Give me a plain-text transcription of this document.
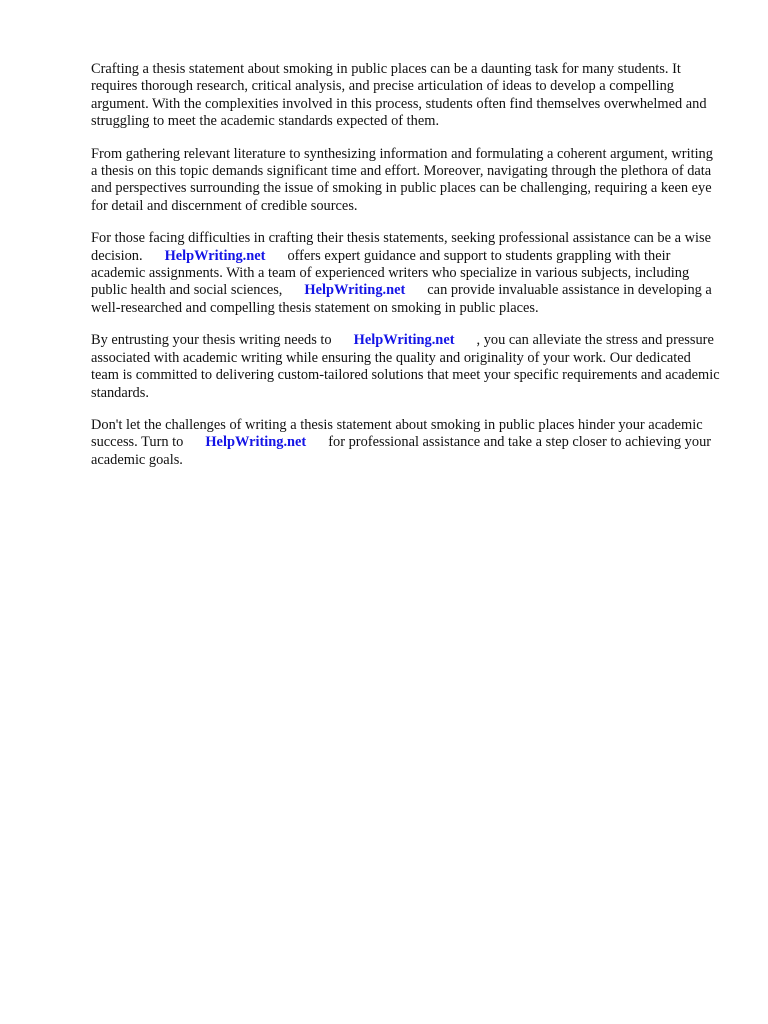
Crafting a thesis statement about smoking in public places can be a daunting task for many students. It requires thorough research, critical analysis, and precise articulation of ideas to develop a compelling argument. With the complexities involved in this process, students often find themselves overwhelmed and struggling to meet the academic standards expected of them.

From gathering relevant literature to synthesizing information and formulating a coherent argument, writing a thesis on this topic demands significant time and effort. Moreover, navigating through the plethora of data and perspectives surrounding the issue of smoking in public places can be challenging, requiring a keen eye for detail and discernment of credible sources.

For those facing difficulties in crafting their thesis statements, seeking professional assistance can be a wise decision. HelpWriting.net offers expert guidance and support to students grappling with their academic assignments. With a team of experienced writers who specialize in various subjects, including public health and social sciences, HelpWriting.net can provide invaluable assistance in developing a well-researched and compelling thesis statement on smoking in public places.

By entrusting your thesis writing needs to HelpWriting.net , you can alleviate the stress and pressure associated with academic writing while ensuring the quality and originality of your work. Our dedicated team is committed to delivering custom-tailored solutions that meet your specific requirements and academic standards.

Don't let the challenges of writing a thesis statement about smoking in public places hinder your academic success. Turn to HelpWriting.net for professional assistance and take a step closer to achieving your academic goals.
